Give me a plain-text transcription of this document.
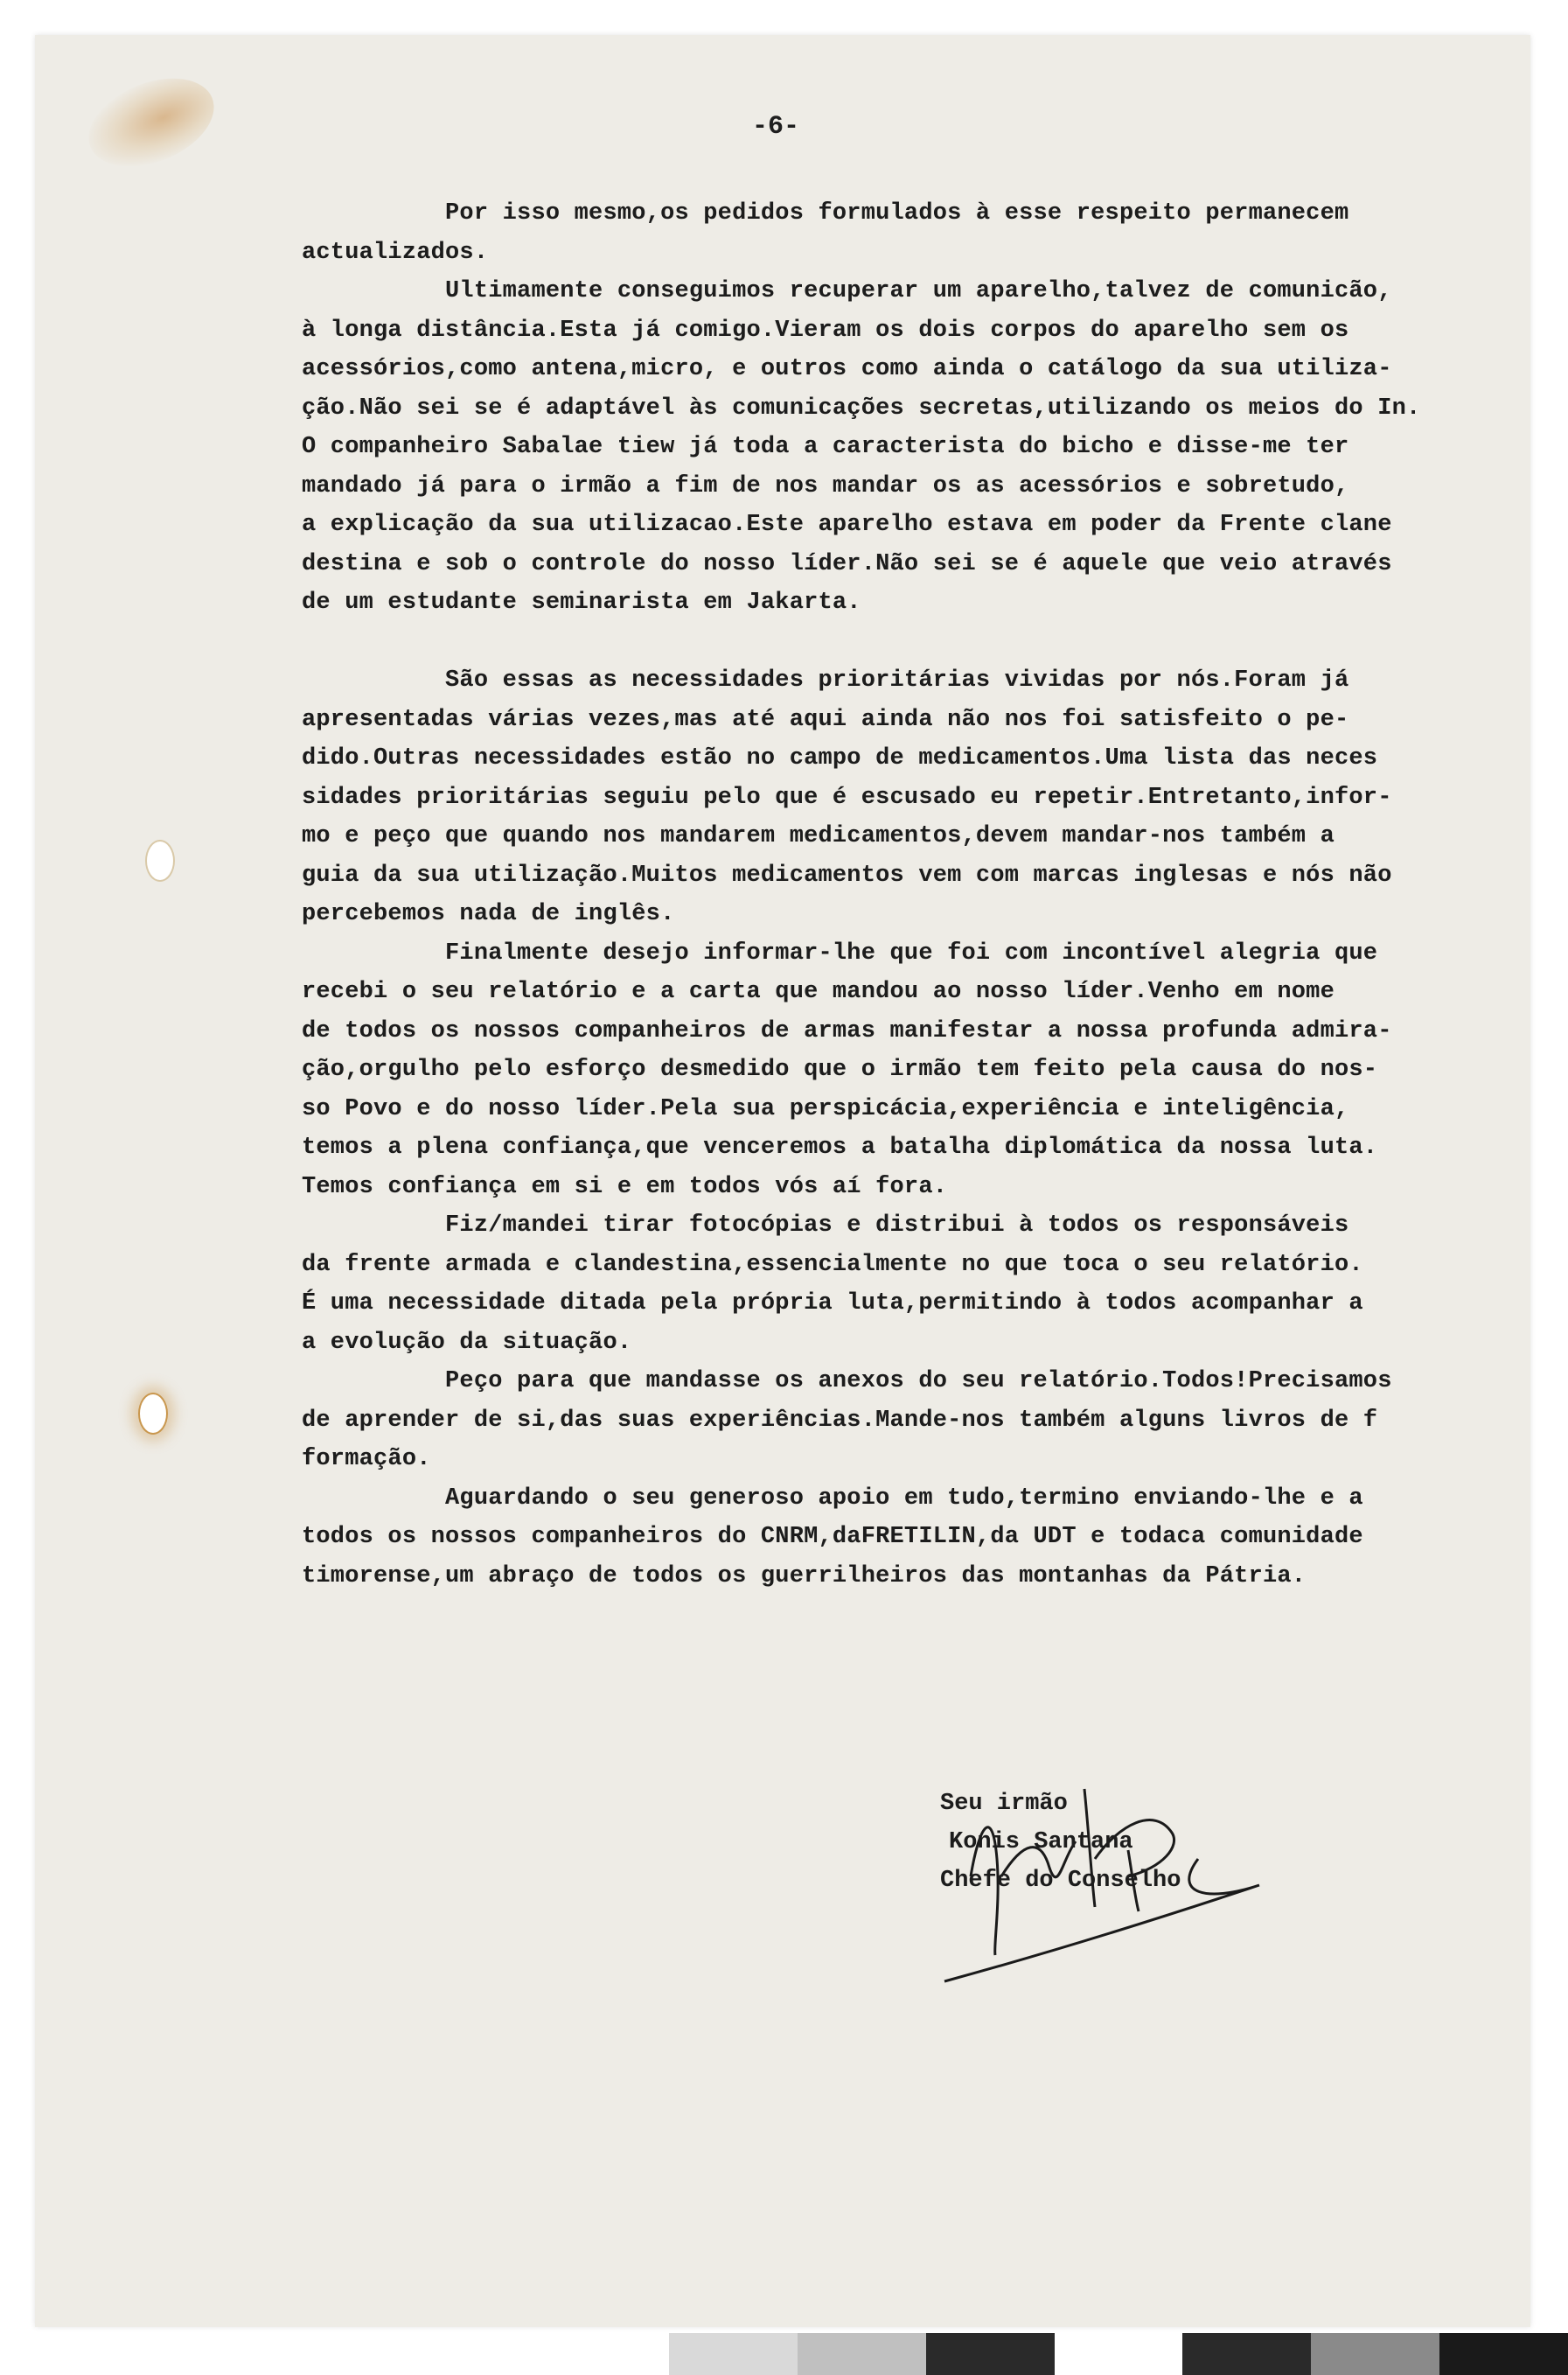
-6-
Por isso mesmo,os pedidos formulados à esse respeito permanecem
actualizados.
Ultimamente conseguimos recuperar um aparelho,talvez de comunicão,
à longa distância.Esta já comigo.Vieram os dois corpos do aparelho sem os
acessórios,como antena,micro, e outros como ainda o catálogo da sua utiliza-
ção.Não sei se é adaptável às comunicações secretas,utilizando os meios do In.
O companheiro Sabalae tiew já toda a caracterista do bicho e disse-me ter
mandado já para o irmão a fim de nos mandar os as acessórios e sobretudo,
a explicação da sua utilizacao.Este aparelho estava em poder da Frente clane
destina e sob o controle do nosso líder.Não sei se é aquele que veio através
de um estudante seminarista em Jakarta.

São essas as necessidades prioritárias vividas por nós.Foram já
apresentadas várias vezes,mas até aqui ainda não nos foi satisfeito o pe-
dido.Outras necessidades estão no campo de medicamentos.Uma lista das neces
sidades prioritárias seguiu pelo que é escusado eu repetir.Entretanto,infor-
mo e peço que quando nos mandarem medicamentos,devem mandar-nos também a
guia da sua utilização.Muitos medicamentos vem com marcas inglesas e nós não
percebemos nada de inglês.
Finalmente desejo informar-lhe que foi com incontível alegria que
recebi o seu relatório e a carta que mandou ao nosso líder.Venho em nome
de todos os nossos companheiros de armas manifestar a nossa profunda admira-
ção,orgulho pelo esforço desmedido que o irmão tem feito pela causa do nos-
so Povo e do nosso líder.Pela sua perspicácia,experiência e inteligência,
temos a plena confiança,que venceremos a batalha diplomática da nossa luta.
Temos confiança em si e em todos vós aí fora.
Fiz/mandei tirar fotocópias e distribui à todos os responsáveis
da frente armada e clandestina,essencialmente no que toca o seu relatório.
É uma necessidade ditada pela própria luta,permitindo à todos acompanhar a
a evolução da situação.
Peço para que mandasse os anexos do seu relatório.Todos!Precisamos
de aprender de si,das suas experiências.Mande-nos também alguns livros de f
formação.
Aguardando o seu generoso apoio em tudo,termino enviando-lhe e a
todos os nossos companheiros do CNRM,daFRETILIN,da UDT e todaca comunidade
timorense,um abraço de todos os guerrilheiros das montanhas da Pátria.
Seu irmão
Konis Santana
Chefe do Conselho
